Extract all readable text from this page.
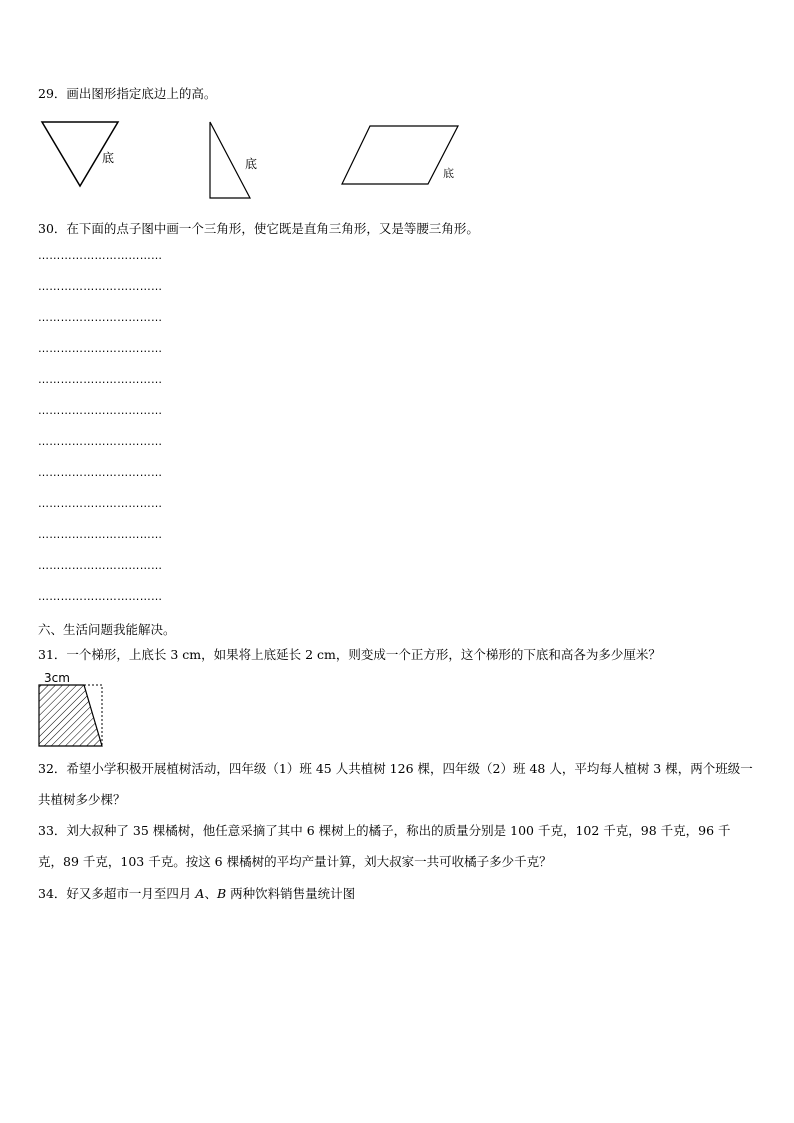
29．画出图形指定底边上的高。
底	底
底
30．在下面的点子图中画一个三角形，使它既是直角三角形，又是等腰三角形。
……………………………
……………………………
……………………………
……………………………
……………………………
……………………………
……………………………
……………………………
……………………………
……………………………
……………………………
……………………………
六、生活问题我能解决。
31．一个梯形，上底长 3 cm，如果将上底延长 2 cm，则变成一个正方形，这个梯形的下底和高各为多少厘米？
3cm
32．希望小学积极开展植树活动，四年级（1）班 45 人共植树 126 棵，四年级（2）班 48 人，平均每人植树 3 棵，两个班级一共植树多少棵？
33．刘大叔种了 35 棵橘树，他任意采摘了其中 6 棵树上的橘子，称出的质量分别是 100 千克，102 千克，98 千克，96 千克，89 千克，103 千克。按这 6 棵橘树的平均产量计算，刘大叔家一共可收橘子多少千克？
34．好又多超市一月至四月 A、B 两种饮料销售量统计图
